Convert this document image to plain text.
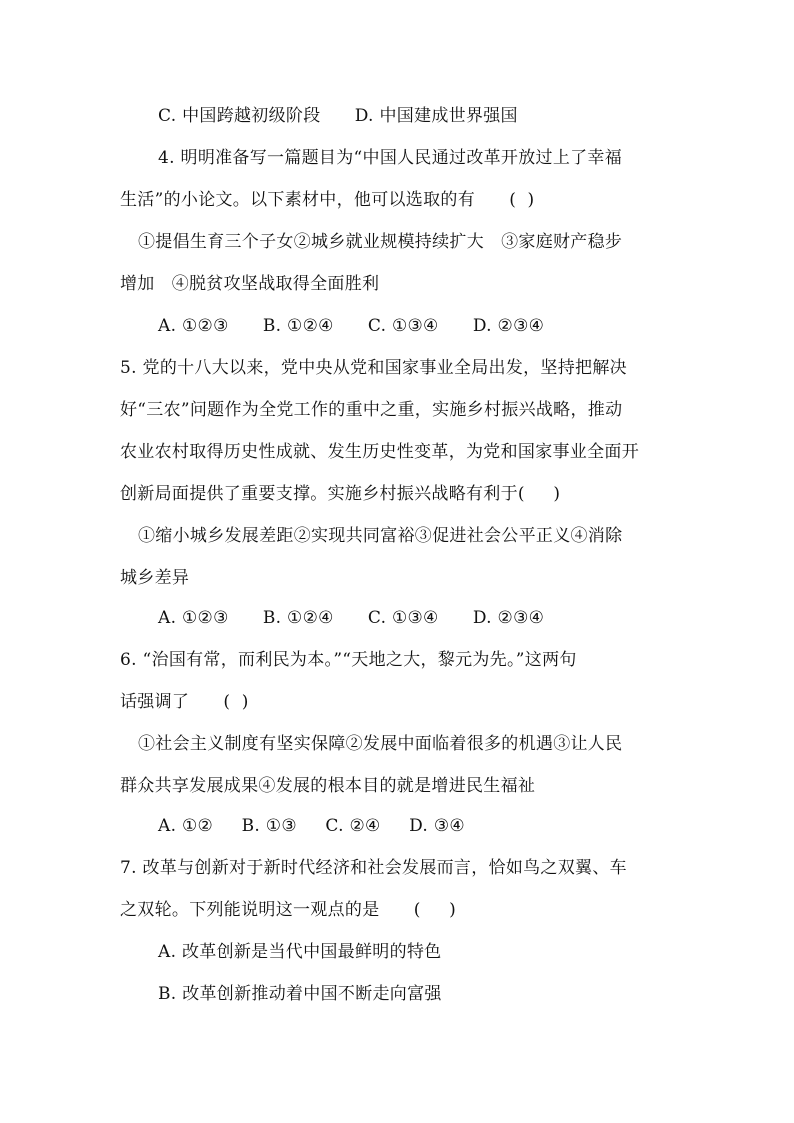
C. 中国跨越初级阶段      D. 中国建成世界强国
4. 明明准备写一篇题目为“中国人民通过改革开放过上了幸福
生活”的小论文。以下素材中，他可以选取的有      (  )
①提倡生育三个子女②城乡就业规模持续扩大   ③家庭财产稳步
增加   ④脱贫攻坚战取得全面胜利
A. ①②③      B. ①②④      C. ①③④      D. ②③④
5. 党的十八大以来，党中央从党和国家事业全局出发，坚持把解决
好“三农”问题作为全党工作的重中之重，实施乡村振兴战略，推动
农业农村取得历史性成就、发生历史性变革，为党和国家事业全面开
创新局面提供了重要支撑。实施乡村振兴战略有利于(     )
①缩小城乡发展差距②实现共同富裕③促进社会公平正义④消除
城乡差异
A. ①②③      B. ①②④      C. ①③④      D. ②③④
6. “治国有常，而利民为本。”“天地之大，黎元为先。”这两句
话强调了      (  )
①社会主义制度有坚实保障②发展中面临着很多的机遇③让人民
群众共享发展成果④发展的根本目的就是增进民生福祉
A. ①②     B. ①③     C. ②④     D. ③④
7. 改革与创新对于新时代经济和社会发展而言，恰如鸟之双翼、车
之双轮。下列能说明这一观点的是      (     )
A. 改革创新是当代中国最鲜明的特色
B. 改革创新推动着中国不断走向富强
